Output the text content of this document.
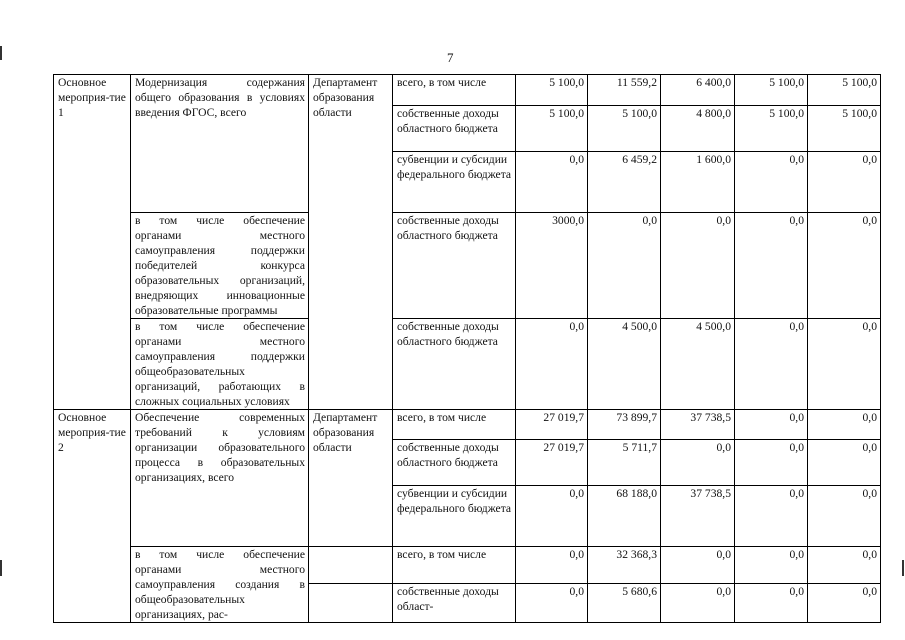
7
Основное мероприя-тие 1	Модернизация содержания общего образования в условиях введения ФГОС, всего	Департамент образования области	всего, в том числе	5 100,0	11 559,2	6 400,0	5 100,0	5 100,0
			собственные доходы областного бюджета	5 100,0	5 100,0	4 800,0	5 100,0	5 100,0
			субвенции и субсидии федерального бюджета	0,0	6 459,2	1 600,0	0,0	0,0
	в том числе обеспечение органами местного самоуправления поддержки победителей конкурса образовательных организаций, внедряющих инновационные образовательные программы		собственные доходы областного бюджета	3000,0	0,0	0,0	0,0	0,0
	в том числе обеспечение органами местного самоуправления поддержки общеобразовательных организаций, работающих в сложных социальных условиях		собственные доходы областного бюджета	0,0	4 500,0	4 500,0	0,0	0,0
Основное мероприя-тие 2	Обеспечение современных требований к условиям организации образовательного процесса в образовательных организациях, всего	Департамент образования области	всего, в том числе	27 019,7	73 899,7	37 738,5	0,0	0,0
			собственные доходы областного бюджета	27 019,7	5 711,7	0,0	0,0	0,0
			субвенции и субсидии федерального бюджета	0,0	68 188,0	37 738,5	0,0	0,0
	в том числе обеспечение органами местного самоуправления создания в общеобразовательных организациях, рас-		всего, в том числе	0,0	32 368,3	0,0	0,0	0,0
			собственные доходы област-	0,0	5 680,6	0,0	0,0	0,0
